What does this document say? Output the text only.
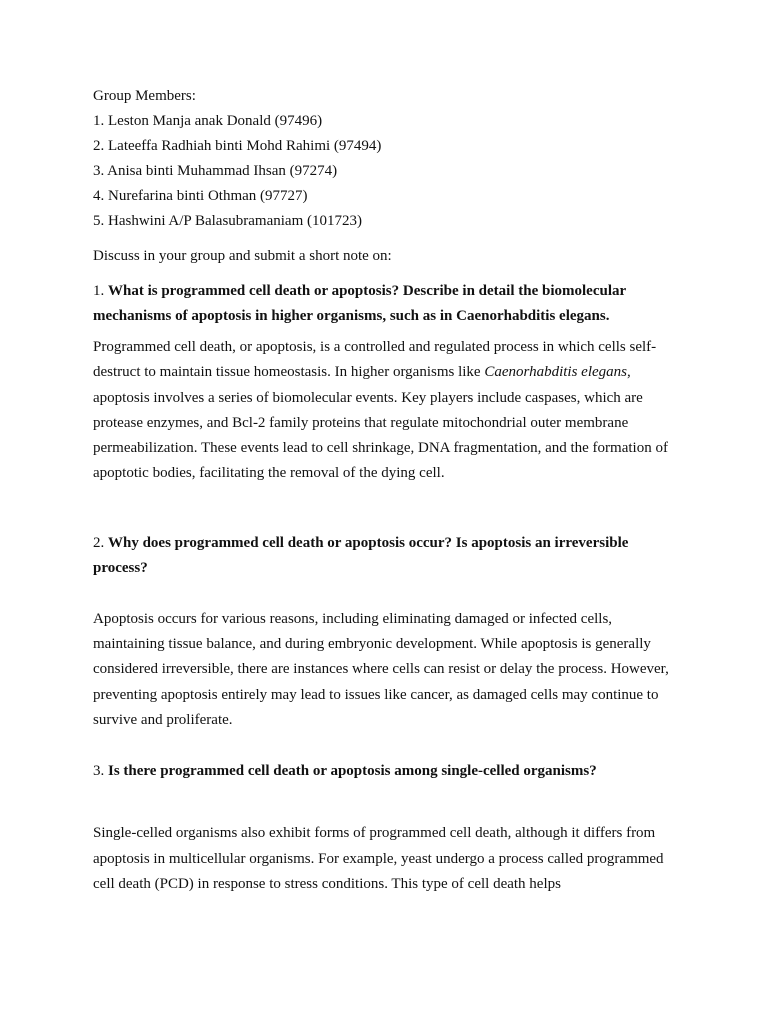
Group Members:
1. Leston Manja anak Donald (97496)
2. Lateeffa Radhiah binti Mohd Rahimi (97494)
3. Anisa binti Muhammad Ihsan (97274)
4. Nurefarina binti Othman (97727)
5. Hashwini A/P Balasubramaniam (101723)
Discuss in your group and submit a short note on:
1. What is programmed cell death or apoptosis? Describe in detail the biomolecular
mechanisms of apoptosis in higher organisms, such as in Caenorhabditis elegans.
Programmed cell death, or apoptosis, is a controlled and regulated process in which cells self-destruct to maintain tissue homeostasis. In higher organisms like Caenorhabditis elegans, apoptosis involves a series of biomolecular events. Key players include caspases, which are protease enzymes, and Bcl-2 family proteins that regulate mitochondrial outer membrane permeabilization. These events lead to cell shrinkage, DNA fragmentation, and the formation of apoptotic bodies, facilitating the removal of the dying cell.
2. Why does programmed cell death or apoptosis occur? Is apoptosis an irreversible
process?
Apoptosis occurs for various reasons, including eliminating damaged or infected cells, maintaining tissue balance, and during embryonic development. While apoptosis is generally considered irreversible, there are instances where cells can resist or delay the process. However, preventing apoptosis entirely may lead to issues like cancer, as damaged cells may continue to survive and proliferate.
3. Is there programmed cell death or apoptosis among single-celled organisms?
Single-celled organisms also exhibit forms of programmed cell death, although it differs from apoptosis in multicellular organisms. For example, yeast undergo a process called programmed cell death (PCD) in response to stress conditions. This type of cell death helps
